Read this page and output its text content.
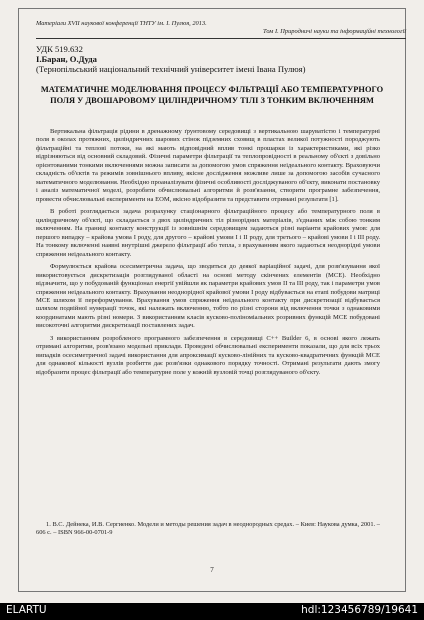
Матеріали XVII наукової конференції ТНТУ ім. І. Пулюя, 2013.
Том І. Природничі науки та інформаційні технології
УДК 519.632
І.Баран, О.Дуда
(Тернопільський національний технічний університет імені Івана Пулюя)
МАТЕМАТИЧНЕ МОДЕЛЮВАННЯ ПРОЦЕСУ ФІЛЬТРАЦІЇ АБО ТЕМПЕРАТУРНОГО ПОЛЯ У ДВОШАРОВОМУ ЦИЛІНДРИЧНОМУ ТІЛІ З ТОНКИМ ВКЛЮЧЕННЯМ

Вертикальна фільтрація рідини в дренажному ґрунтовому середовищі з вертикальною шаруватістю і температурні поля в околах протяжних, циліндричних шарових стінок підземних сховищ в пластах великої потужності породжують фільтраційні та теплові потоки, на які мають відповідний вплив тонкі прошарки із характеристиками, які різко відрізняються від основний складовий. Фізичні параметри фільтрації та теплопровідності в реальному об'єкті з довільно орієнтованими тонкими включеннями можна записати за допомогою умов спряження неідеального контакту. Враховуючи складність об'єктів та режимів зовнішнього впливу, якісне дослідження можливе лише за допомогою засобів сучасного математичного моделювання. Необхідно проаналізувати фізичні особливості досліджуваного об'єкту, виконати постановку і аналіз математичної моделі, розробити обчислювальні алгоритми й розв'язання, створити програмне забезпечення, провести обчислювальні експерименти на ЕОМ, якісно відобразити та представити отримані результати [1].

В роботі розглядається задача розрахунку стаціонарного фільтраційного процесу або температурного поля в циліндричному об'єкті, що складається з двох циліндричних тіл різнорідних матеріалів, з'єднаних між собою тонким включенням. На границі контакту конструкції із зовнішнім середовищем задаються різні варіанти крайових умов: для першого випадку – крайова умова І роду, для другого – крайові умови І і ІІ роду, для третього – крайові умови І і ІІІ роду. На тонкому включенні наявні внутрішні джерело фільтрації або тепла, з врахуванням якого задаються неоднорідні умови спряження неідеального контакту.

Формулюється крайова осесиметрична задача, що зводиться до деякої варіаційної задачі, для розв'язування якої використовується дискретизація розглядуваної області на основі методу скінчених елементів (МСЕ). Необхідно відзначити, що у побудованій функціонал енергії увійшли як параметри крайових умов ІІ та ІІІ роду, так і параметри умов спряження неідеального контакту. Врахування неоднорідної крайової умови І роду відбувається на етапі побудови матриці МСЕ шляхом її переформування. Врахування умов спряження неідеального контакту при дискретизації відбувається шляхом подвійної нумерації точок, які належать включенню, тобто по різні сторони від включення точки з однаковими координатами мають різні номери. З використанням класів кусково-поліноміальних розривних функцій МСЕ побудовані високоточні алгоритми дискретизації поставлених задач.

З використанням розробленого програмного забезпечення в середовищі C++ Builder 6, в основі якого лежать отримані алгоритми, розв'язано модельні приклади. Проведені обчислювальні експерименти показали, що для всіх трьох випадків осесиметричної задачі використання для апроксимації кусково-лінійних та кусково-квадратичних функцій МСЕ для однакової кількості вузлів розбиття дає розв'язки однакового порядку точності. Отримані результати дають змогу відобразити процес фільтрації або температурне поле у кожній вузловій точці розглядуваного об'єкту.

1. В.С. Дейнека, И.В. Сергиенко. Модели и методы решения задач в неоднородных средах. – Киев: Наукова думка, 2001. – 606 с. – ISBN 966-00-0701-9
7
ELARTU	hdl:123456789/19641
